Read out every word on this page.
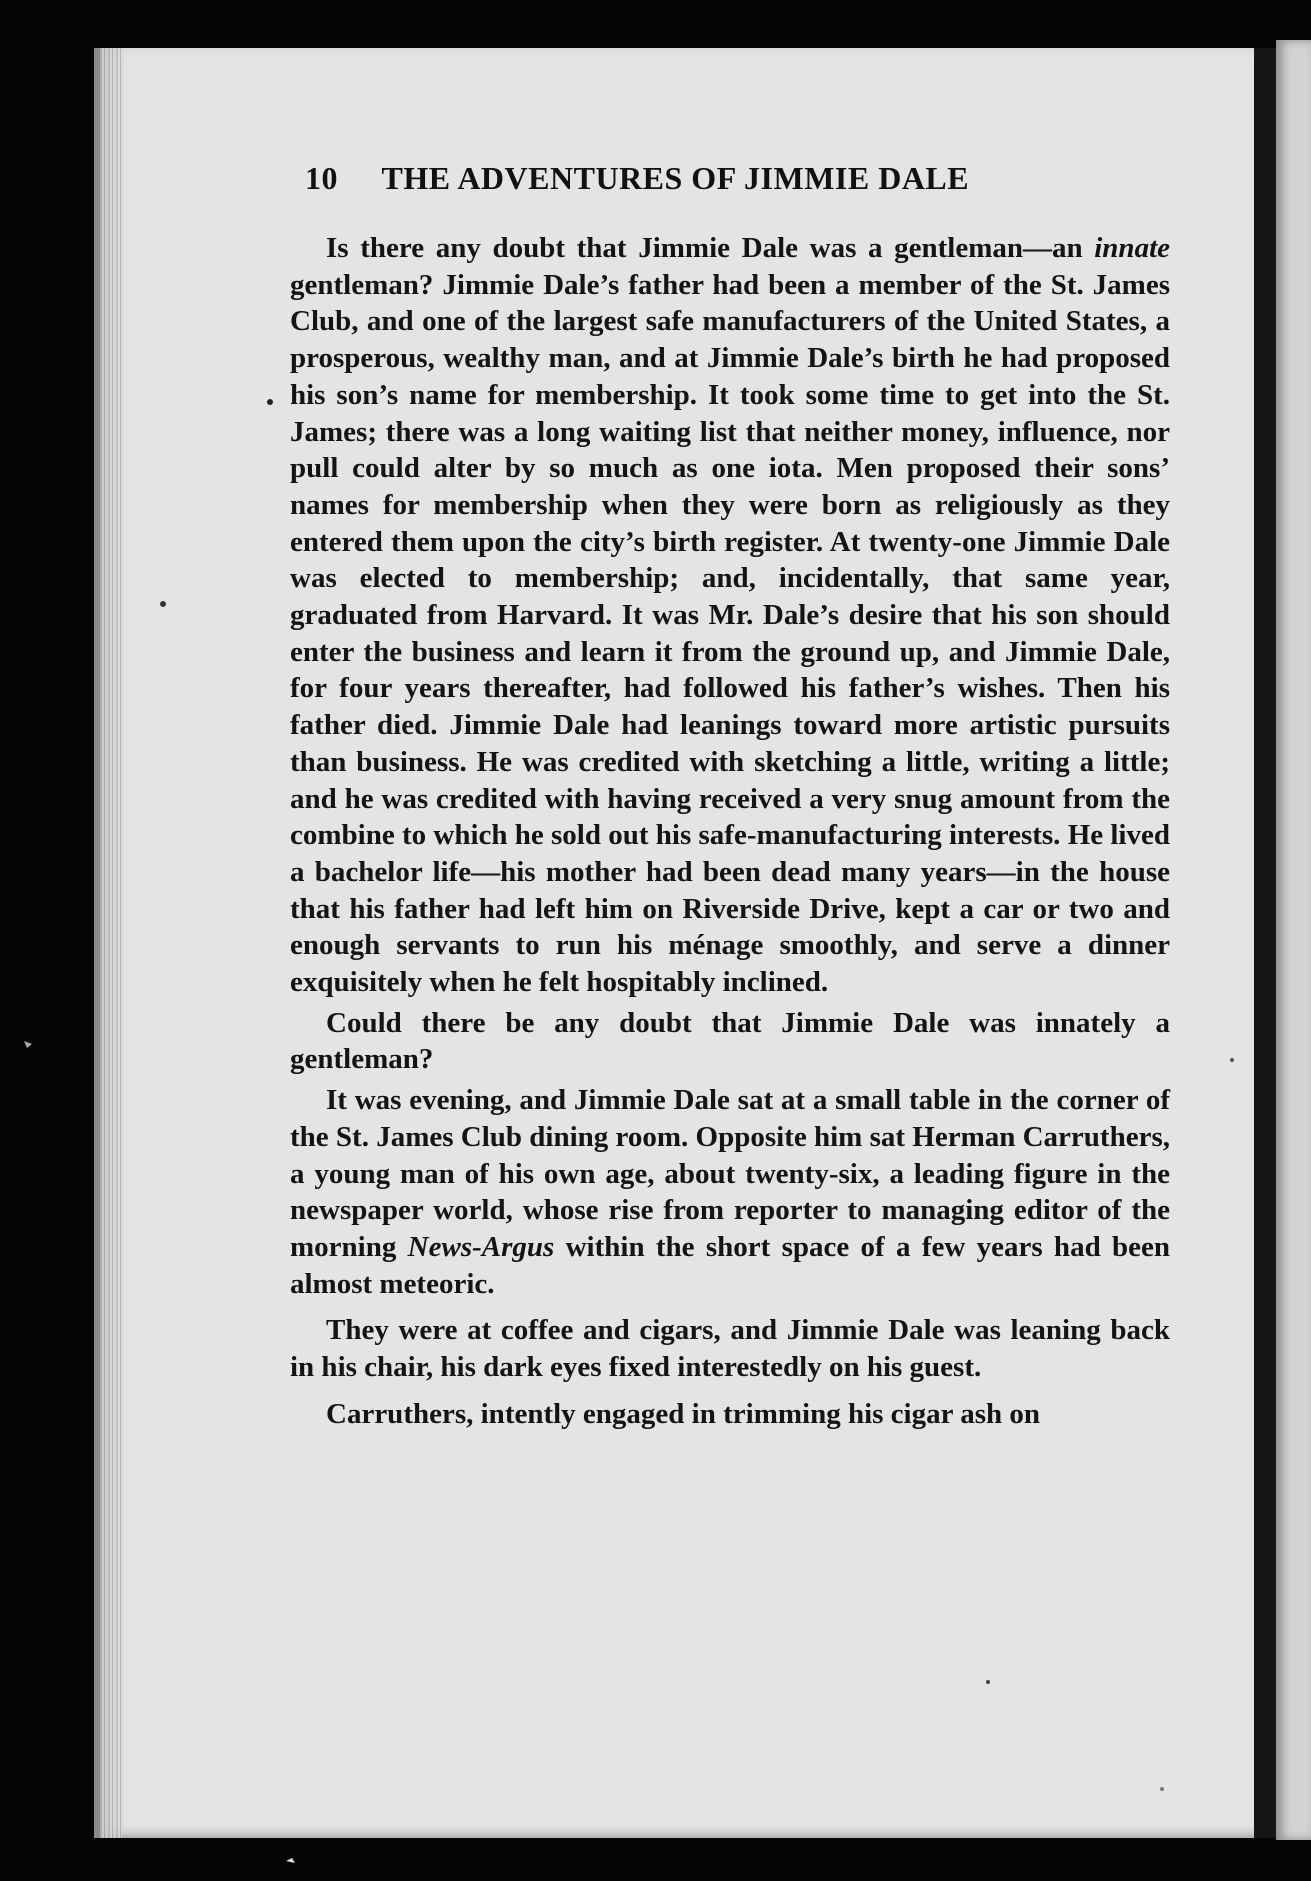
10 THE ADVENTURES OF JIMMIE DALE

Is there any doubt that Jimmie Dale was a gentleman—an innate gentleman? Jimmie Dale’s father had been a member of the St. James Club, and one of the largest safe manufacturers of the United States, a prosperous, wealthy man, and at Jimmie Dale’s birth he had proposed his son’s name for membership. It took some time to get into the St. James; there was a long waiting list that neither money, influence, nor pull could alter by so much as one iota. Men proposed their sons’ names for membership when they were born as religiously as they entered them upon the city’s birth register. At twenty-one Jimmie Dale was elected to membership; and, incidentally, that same year, graduated from Harvard. It was Mr. Dale’s desire that his son should enter the business and learn it from the ground up, and Jimmie Dale, for four years thereafter, had followed his father’s wishes. Then his father died. Jimmie Dale had leanings toward more artistic pursuits than business. He was credited with sketching a little, writing a little; and he was credited with having received a very snug amount from the combine to which he sold out his safe-manufacturing interests. He lived a bachelor life—his mother had been dead many years—in the house that his father had left him on Riverside Drive, kept a car or two and enough servants to run his ménage smoothly, and serve a dinner exquisitely when he felt hospitably inclined.

Could there be any doubt that Jimmie Dale was innately a gentleman?

It was evening, and Jimmie Dale sat at a small table in the corner of the St. James Club dining room. Opposite him sat Herman Carruthers, a young man of his own age, about twenty-six, a leading figure in the newspaper world, whose rise from reporter to managing editor of the morning News-Argus within the short space of a few years had been almost meteoric.

They were at coffee and cigars, and Jimmie Dale was leaning back in his chair, his dark eyes fixed interestedly on his guest.

Carruthers, intently engaged in trimming his cigar ash on
